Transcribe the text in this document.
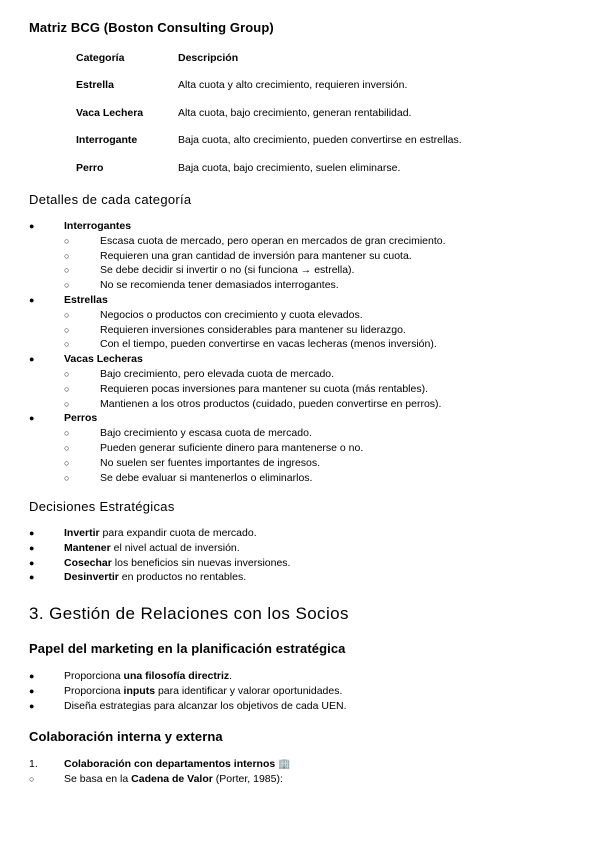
Matriz BCG (Boston Consulting Group)
Categoría	Descripción
Estrella	Alta cuota y alto crecimiento, requieren inversión.
Vaca Lechera	Alta cuota, bajo crecimiento, generan rentabilidad.
Interrogante	Baja cuota, alto crecimiento, pueden convertirse en estrellas.
Perro	Baja cuota, bajo crecimiento, suelen eliminarse.
Detalles de cada categoría
●	Interrogantes
○	Escasa cuota de mercado, pero operan en mercados de gran crecimiento.
○	Requieren una gran cantidad de inversión para mantener su cuota.
○	Se debe decidir si invertir o no (si funciona → estrella).
○	No se recomienda tener demasiados interrogantes.
●	Estrellas
○	Negocios o productos con crecimiento y cuota elevados.
○	Requieren inversiones considerables para mantener su liderazgo.
○	Con el tiempo, pueden convertirse en vacas lecheras (menos inversión).
●	Vacas Lecheras
○	Bajo crecimiento, pero elevada cuota de mercado.
○	Requieren pocas inversiones para mantener su cuota (más rentables).
○	Mantienen a los otros productos (cuidado, pueden convertirse en perros).
●	Perros
○	Bajo crecimiento y escasa cuota de mercado.
○	Pueden generar suficiente dinero para mantenerse o no.
○	No suelen ser fuentes importantes de ingresos.
○	Se debe evaluar si mantenerlos o eliminarlos.
Decisiones Estratégicas
●	Invertir para expandir cuota de mercado.
●	Mantener el nivel actual de inversión.
●	Cosechar los beneficios sin nuevas inversiones.
●	Desinvertir en productos no rentables.
3. Gestión de Relaciones con los Socios
Papel del marketing en la planificación estratégica
●	Proporciona una filosofía directriz.
●	Proporciona inputs para identificar y valorar oportunidades.
●	Diseña estrategias para alcanzar los objetivos de cada UEN.
Colaboración interna y externa
1. Colaboración con departamentos internos 🏢
○	Se basa en la Cadena de Valor (Porter, 1985):
